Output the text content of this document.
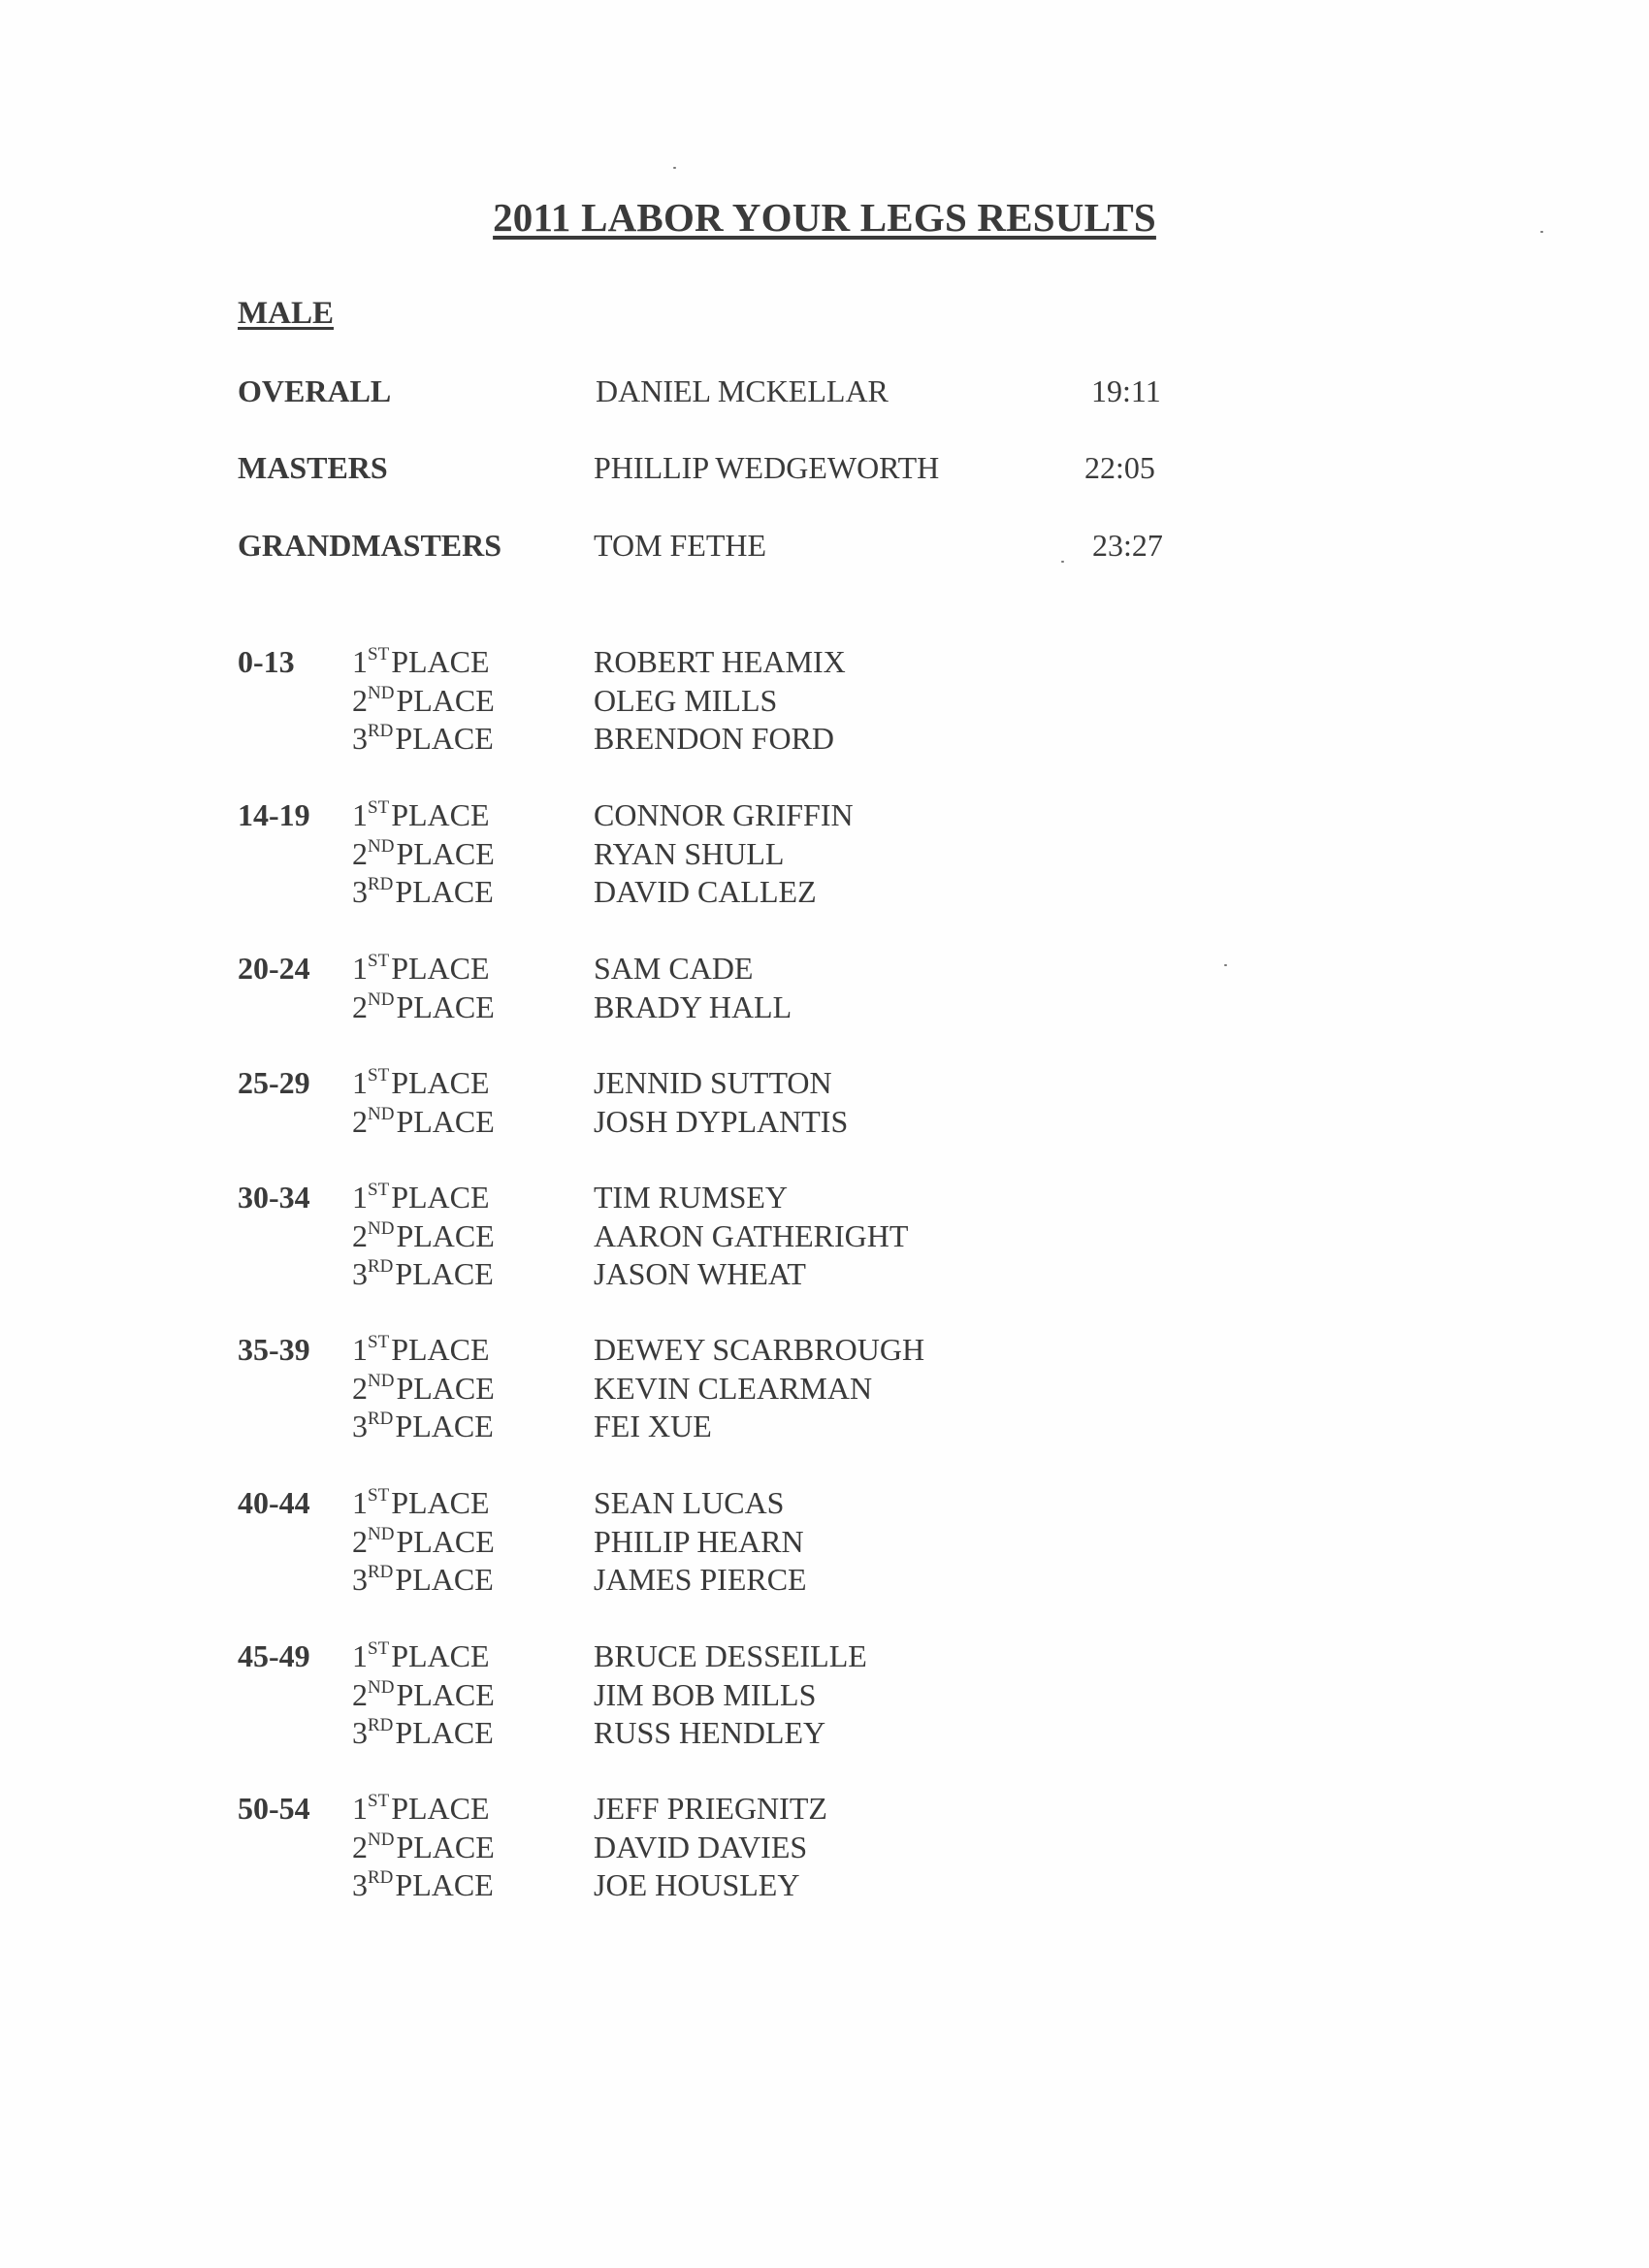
2011 LABOR YOUR LEGS RESULTS
MALE
OVERALL	DANIEL MCKELLAR	19:11
MASTERS	PHILLIP WEDGEWORTH	22:05
GRANDMASTERS	TOM FETHE	23:27
0-13 1STPLACE	ROBERT HEAMIX
2NDPLACE	OLEG MILLS
3RDPLACE	BRENDON FORD
14-19 1STPLACE	CONNOR GRIFFIN
2NDPLACE	RYAN SHULL
3RDPLACE	DAVID CALLEZ
20-24 1STPLACE	SAM CADE
2NDPLACE	BRADY HALL
25-29 1STPLACE	JENNID SUTTON
2NDPLACE	JOSH DYPLANTIS
30-34 1STPLACE	TIM RUMSEY
2NDPLACE	AARON GATHERIGHT
3RDPLACE	JASON WHEAT
35-39 1STPLACE	DEWEY SCARBROUGH
2NDPLACE	KEVIN CLEARMAN
3RDPLACE	FEI XUE
40-44 1STPLACE	SEAN LUCAS
2NDPLACE	PHILIP HEARN
3RDPLACE	JAMES PIERCE
45-49 1STPLACE	BRUCE DESSEILLE
2NDPLACE	JIM BOB MILLS
3RDPLACE	RUSS HENDLEY
50-54 1STPLACE	JEFF PRIEGNITZ
2NDPLACE	DAVID DAVIES
3RDPLACE	JOE HOUSLEY
